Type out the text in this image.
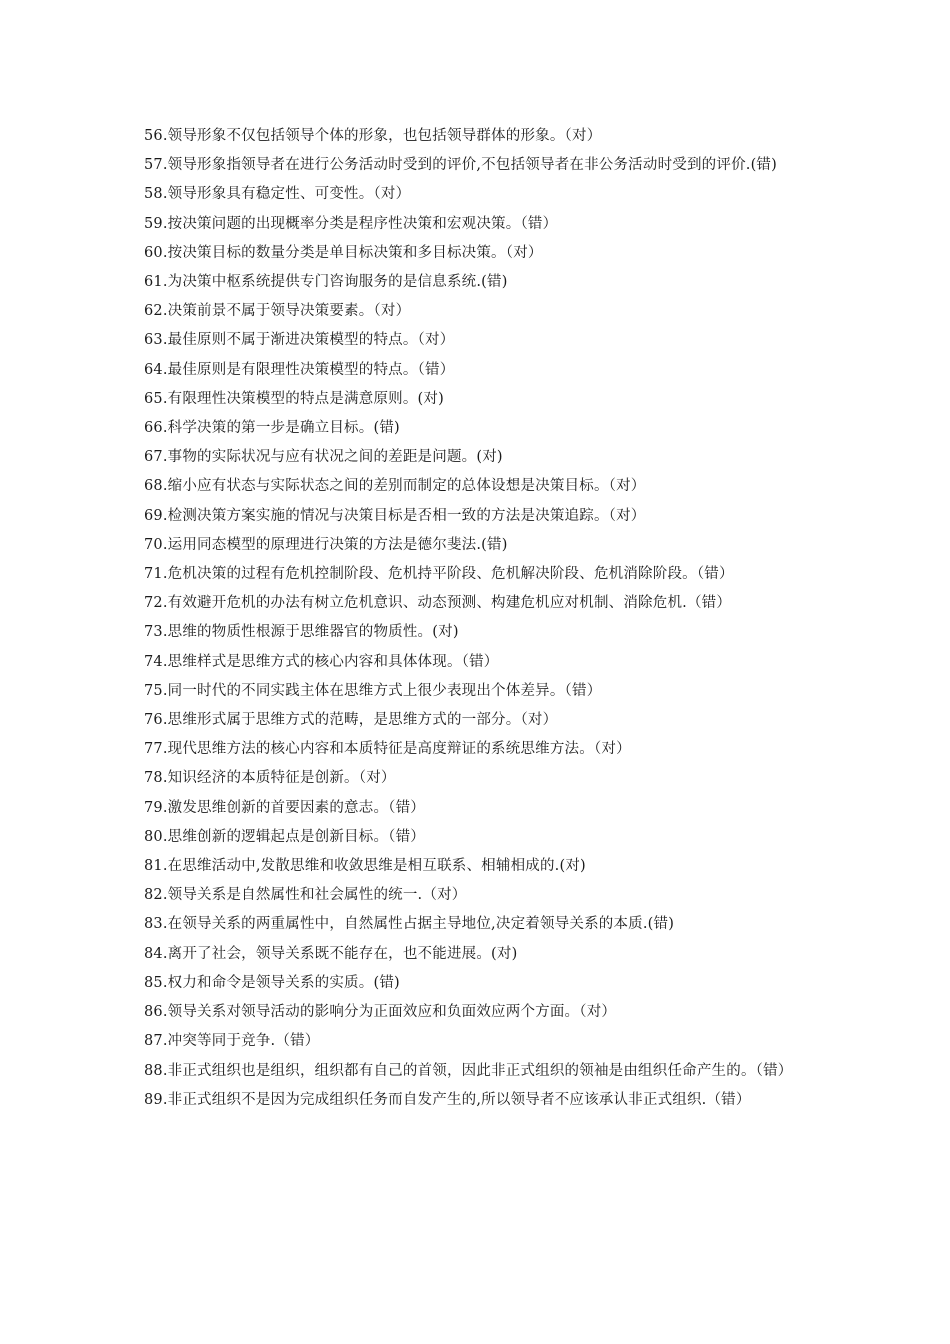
56.领导形象不仅包括领导个体的形象，也包括领导群体的形象。（对）
57.领导形象指领导者在进行公务活动时受到的评价,不包括领导者在非公务活动时受到的评价.(错)
58.领导形象具有稳定性、可变性。（对）
59.按决策问题的出现概率分类是程序性决策和宏观决策。（错）
60.按决策目标的数量分类是单目标决策和多目标决策。（对）
61.为决策中枢系统提供专门咨询服务的是信息系统.(错)
62.决策前景不属于领导决策要素。（对）
63.最佳原则不属于渐进决策模型的特点。（对）
64.最佳原则是有限理性决策模型的特点。（错）
65.有限理性决策模型的特点是满意原则。(对)
66.科学决策的第一步是确立目标。(错)
67.事物的实际状况与应有状况之间的差距是问题。(对)
68.缩小应有状态与实际状态之间的差别而制定的总体设想是决策目标。（对）
69.检测决策方案实施的情况与决策目标是否相一致的方法是决策追踪。（对）
70.运用同态模型的原理进行决策的方法是德尔斐法.(错)
71.危机决策的过程有危机控制阶段、危机持平阶段、危机解决阶段、危机消除阶段。（错）
72.有效避开危机的办法有树立危机意识、动态预测、构建危机应对机制、消除危机.（错）
73.思维的物质性根源于思维器官的物质性。(对)
74.思维样式是思维方式的核心内容和具体体现。（错）
75.同一时代的不同实践主体在思维方式上很少表现出个体差异。（错）
76.思维形式属于思维方式的范畴，是思维方式的一部分。（对）
77.现代思维方法的核心内容和本质特征是高度辩证的系统思维方法。（对）
78.知识经济的本质特征是创新。（对）
79.激发思维创新的首要因素的意志。（错）
80.思维创新的逻辑起点是创新目标。（错）
81.在思维活动中,发散思维和收敛思维是相互联系、相辅相成的.(对)
82.领导关系是自然属性和社会属性的统一.（对）
83.在领导关系的两重属性中，自然属性占据主导地位,决定着领导关系的本质.(错)
84.离开了社会，领导关系既不能存在，也不能进展。(对)
85.权力和命令是领导关系的实质。(错)
86.领导关系对领导活动的影响分为正面效应和负面效应两个方面。（对）
87.冲突等同于竞争.（错）
88.非正式组织也是组织，组织都有自己的首领，因此非正式组织的领袖是由组织任命产生的。（错）
89.非正式组织不是因为完成组织任务而自发产生的,所以领导者不应该承认非正式组织.（错）
